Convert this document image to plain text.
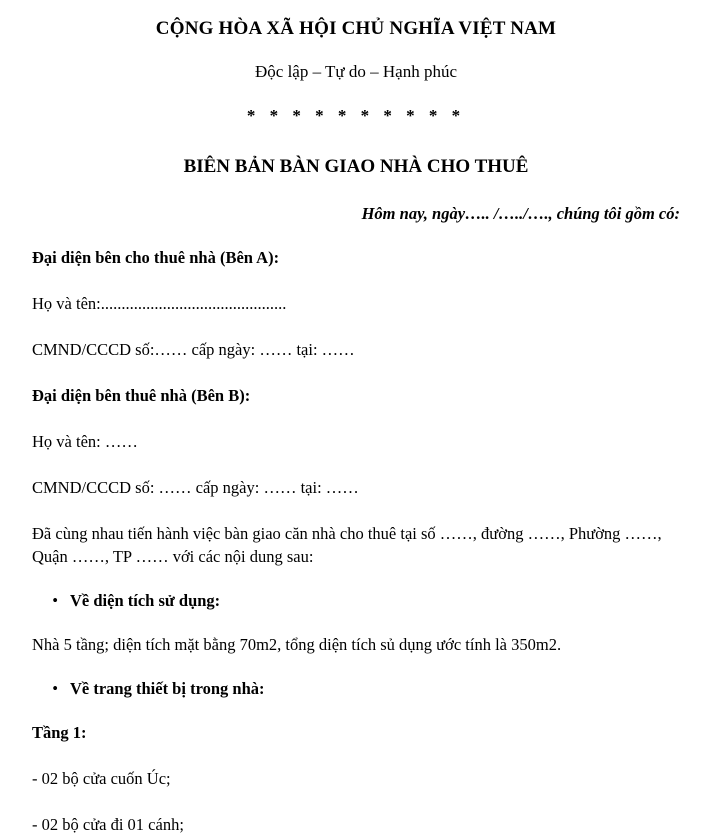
CỘNG HÒA XÃ HỘI CHỦ NGHĨA VIỆT NAM
Độc lập – Tự do – Hạnh phúc
* * * * * * * * * *
BIÊN BẢN BÀN GIAO NHÀ CHO THUÊ
Hôm nay, ngày….. /…../…., chúng tôi gồm có:
Đại diện bên cho thuê nhà (Bên A):
Họ và tên:.............................................
CMND/CCCD số:…… cấp ngày: …… tại: ……
Đại diện bên thuê nhà (Bên B):
Họ và tên: ……
CMND/CCCD số: …… cấp ngày: …… tại: ……
Đã cùng nhau tiến hành việc bàn giao căn nhà cho thuê tại số ……, đường ……, Phường ……, Quận ……, TP …… với các nội dung sau:
• Về diện tích sử dụng:
Nhà 5 tầng; diện tích mặt bằng 70m2, tổng diện tích sủ dụng ước tính là 350m2.
• Về trang thiết bị trong nhà:
Tầng 1:
- 02 bộ cửa cuốn Úc;
- 02 bộ cửa đi 01 cánh;
